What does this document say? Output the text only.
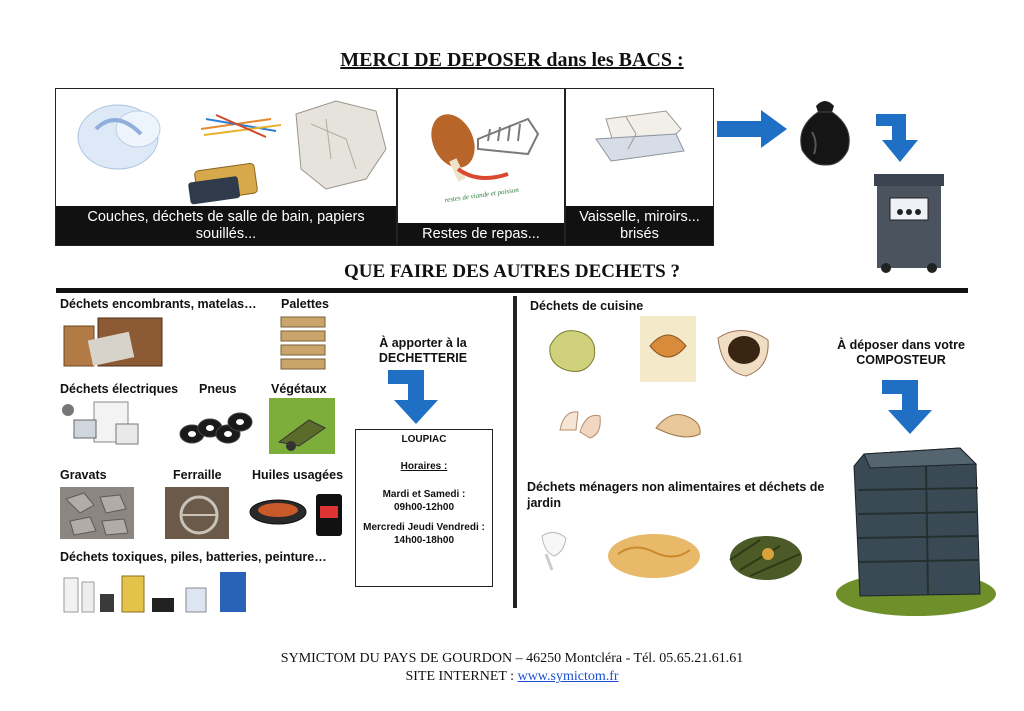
MERCI DE DEPOSER dans les BACS :
Couches, déchets de salle de bain, papiers souillés...
restes de viande et poisson
Restes de repas...
Vaisselle, miroirs... brisés
QUE FAIRE DES AUTRES DECHETS ?
Déchets encombrants, matelas… Palettes
Déchets électriques Pneus	Végétaux
Gravats	Ferraille Huiles usagées
Déchets toxiques, piles, batteries, peinture…
À apporter à la
DECHETTERIE
LOUPIAC
Horaires :
Mardi et Samedi :
09h00-12h00
Mercredi Jeudi Vendredi :
14h00-18h00
Déchets de cuisine
Déchets ménagers non alimentaires et déchets de jardin
À déposer dans votre
COMPOSTEUR
SYMICTOM DU PAYS DE GOURDON – 46250 Montcléra - Tél. 05.65.21.61.61
SITE INTERNET : www.symictom.fr
